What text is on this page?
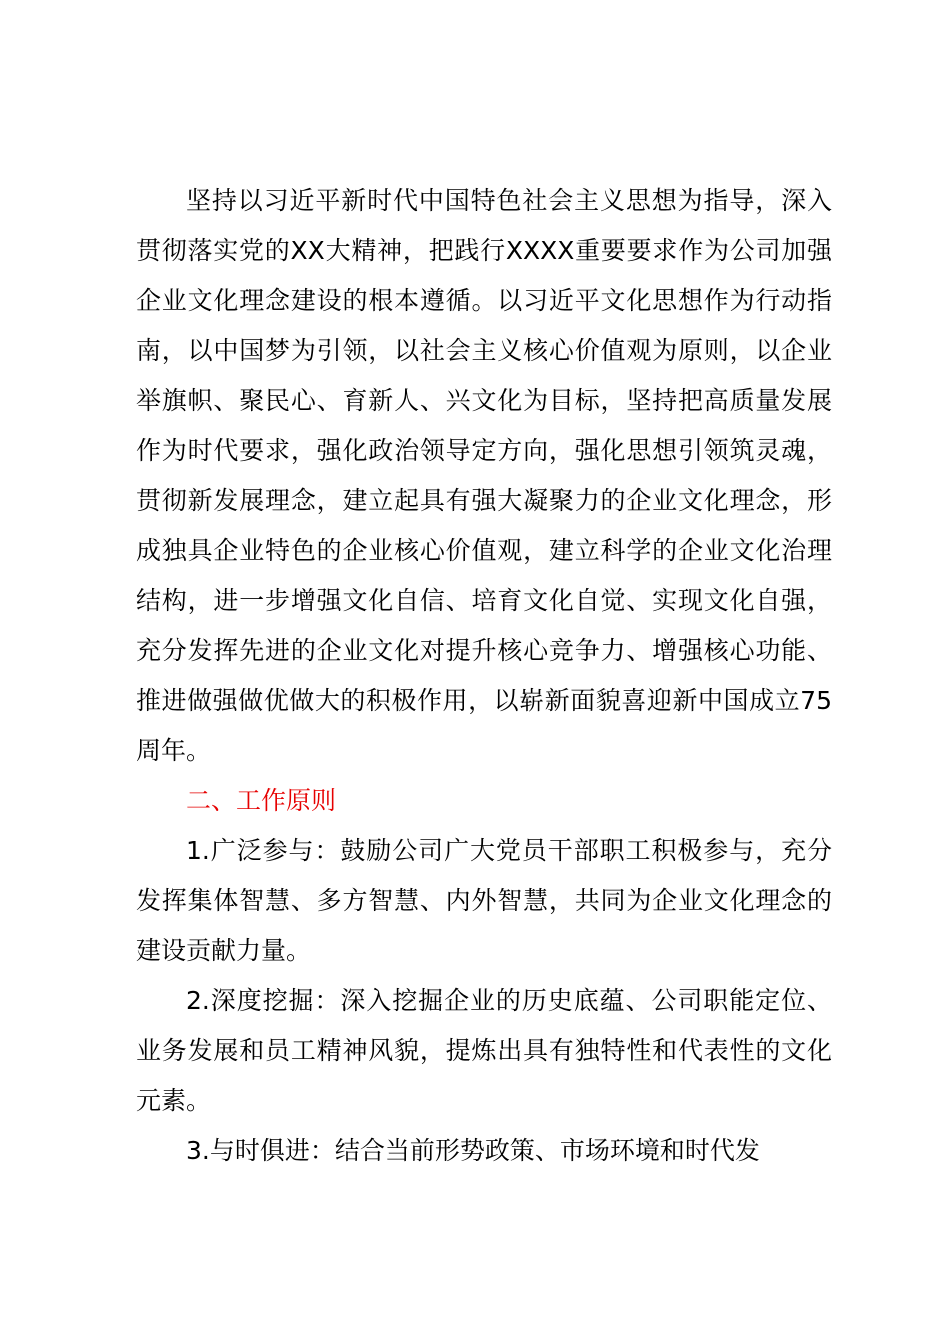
坚持以习近平新时代中国特色社会主义思想为指导，深入贯彻落实党的XX大精神，把践行XXXX重要要求作为公司加强企业文化理念建设的根本遵循。以习近平文化思想作为行动指南，以中国梦为引领，以社会主义核心价值观为原则，以企业举旗帜、聚民心、育新人、兴文化为目标，坚持把高质量发展作为时代要求，强化政治领导定方向，强化思想引领筑灵魂，贯彻新发展理念，建立起具有强大凝聚力的企业文化理念，形成独具企业特色的企业核心价值观，建立科学的企业文化治理结构，进一步增强文化自信、培育文化自觉、实现文化自强，充分发挥先进的企业文化对提升核心竞争力、增强核心功能、推进做强做优做大的积极作用，以崭新面貌喜迎新中国成立75周年。

二、工作原则

1.广泛参与：鼓励公司广大党员干部职工积极参与，充分发挥集体智慧、多方智慧、内外智慧，共同为企业文化理念的建设贡献力量。

2.深度挖掘：深入挖掘企业的历史底蕴、公司职能定位、业务发展和员工精神风貌，提炼出具有独特性和代表性的文化元素。

3.与时俱进：结合当前形势政策、市场环境和时代发
